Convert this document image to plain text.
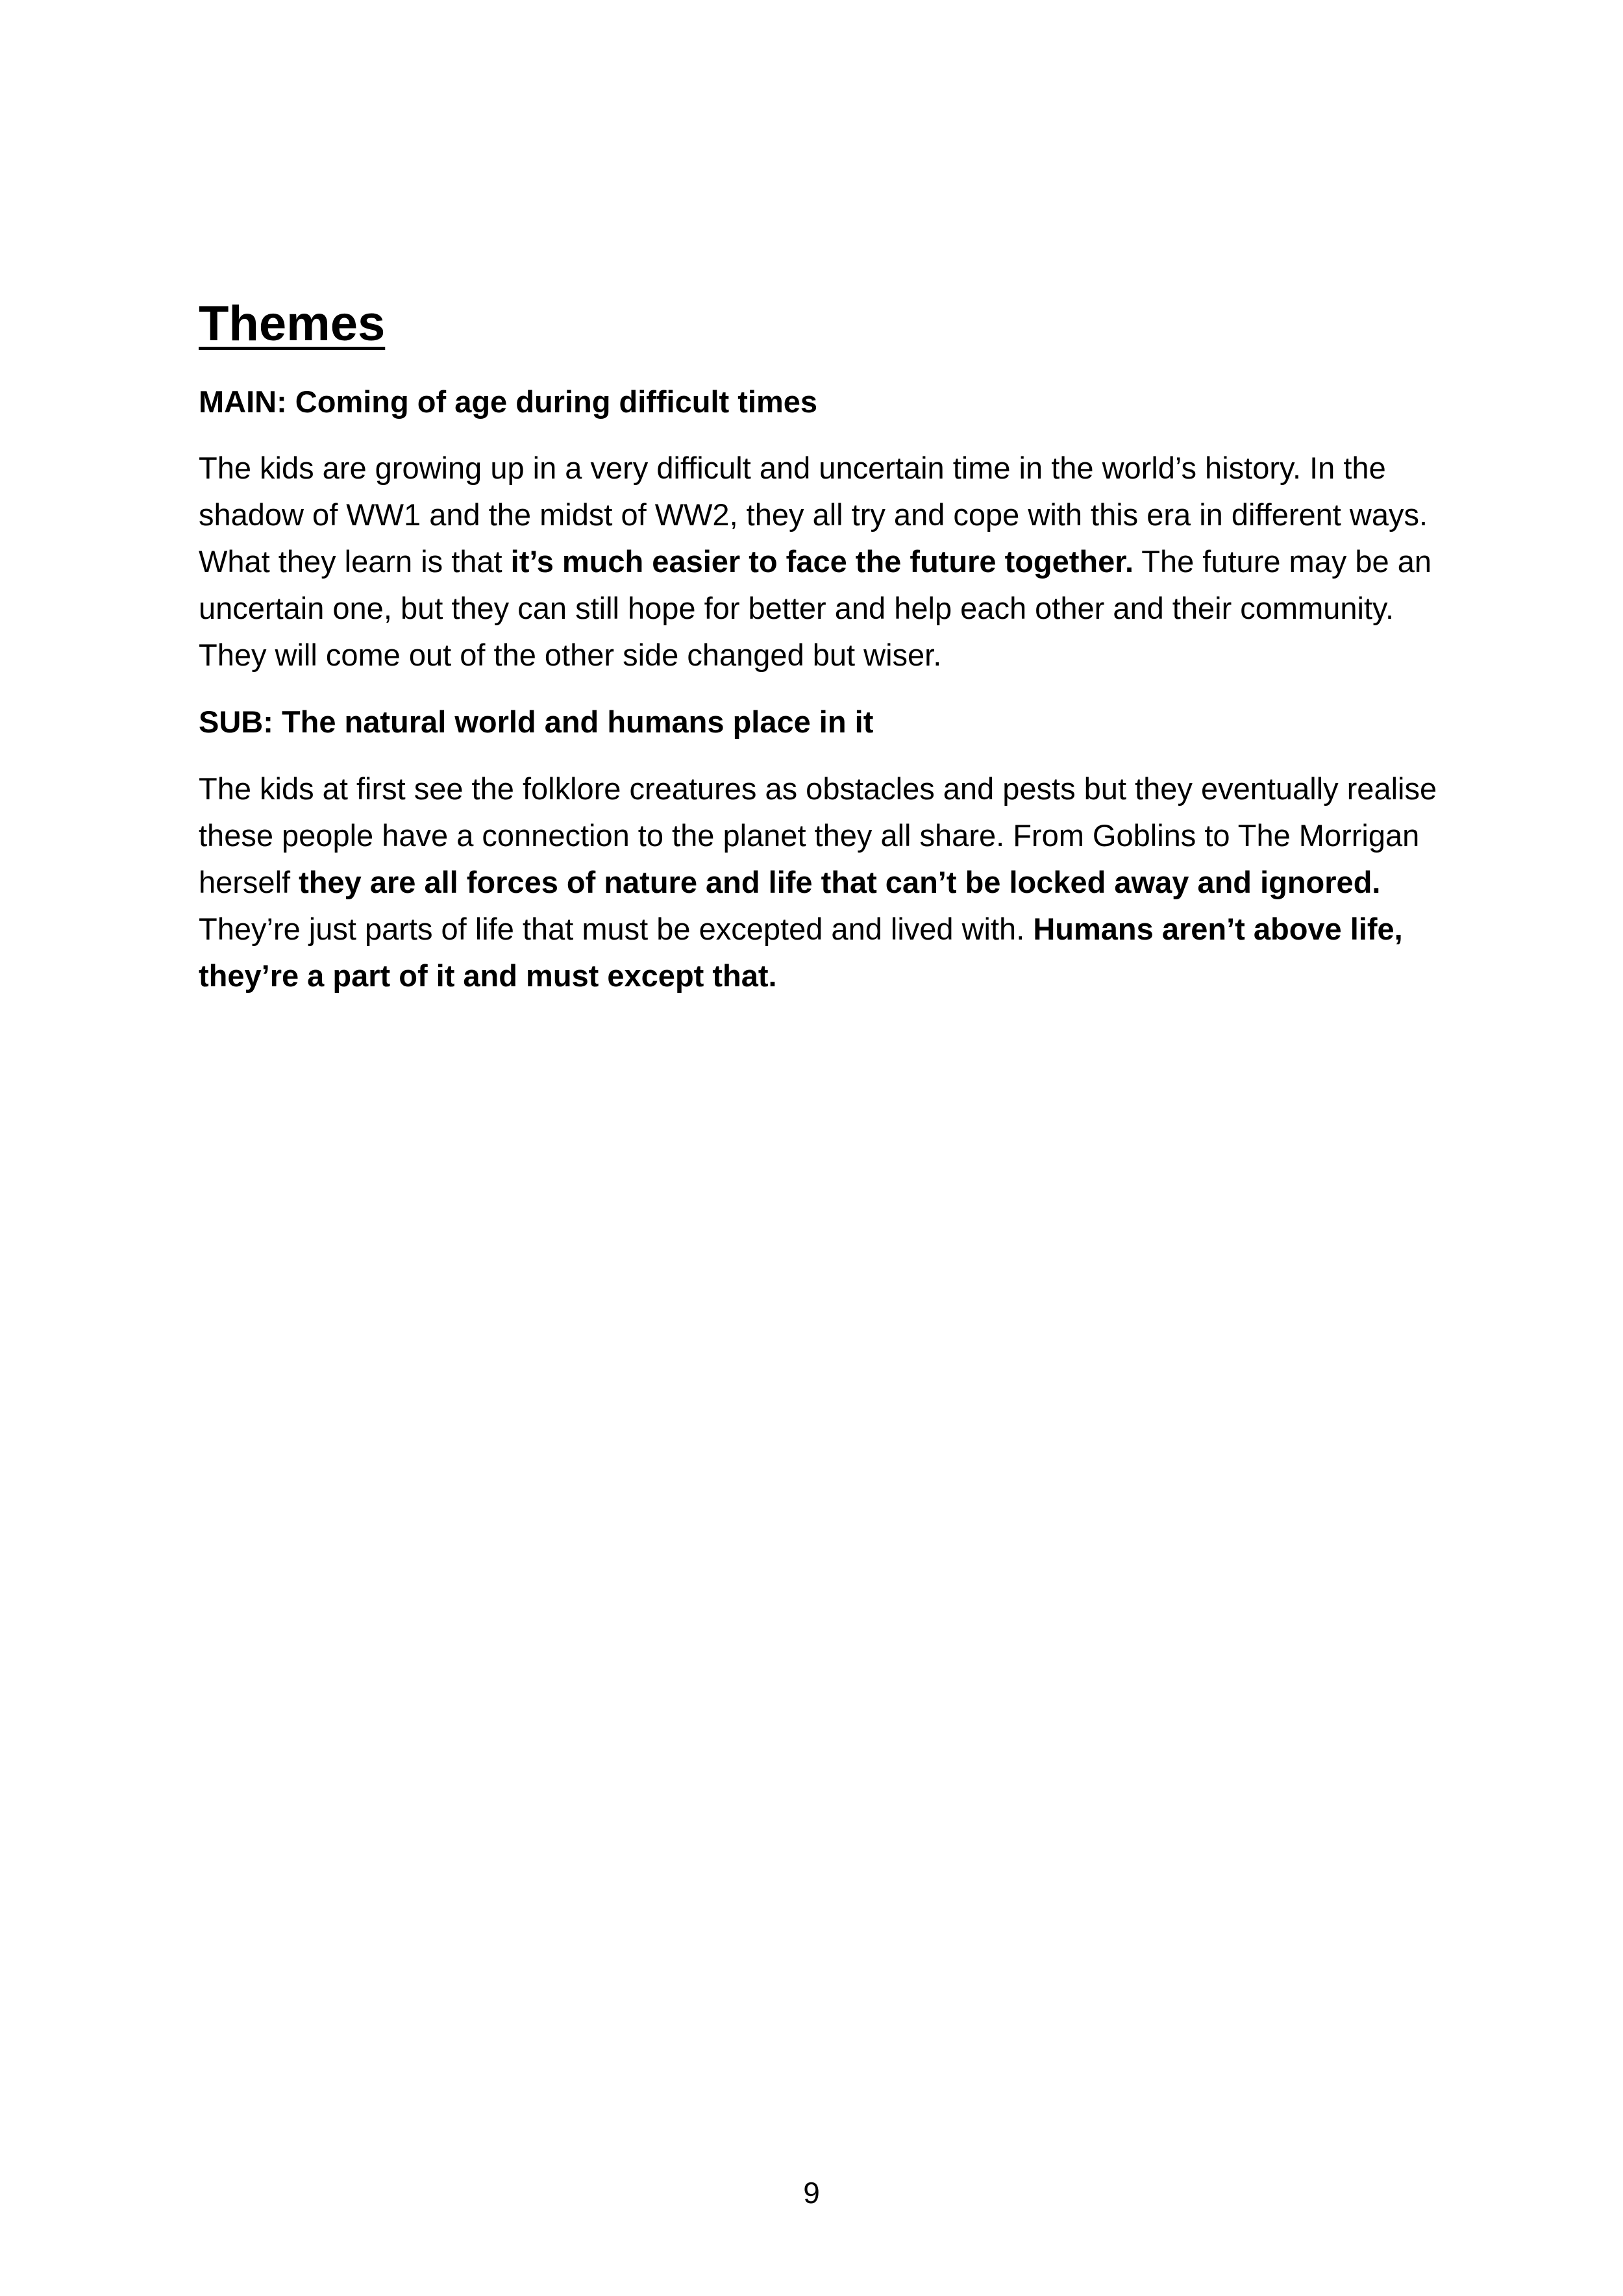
Themes
MAIN: Coming of age during difficult times

The kids are growing up in a very difficult and uncertain time in the world’s history. In the shadow of WW1 and the midst of WW2, they all try and cope with this era in different ways. What they learn is that it’s much easier to face the future together. The future may be an uncertain one, but they can still hope for better and help each other and their community. They will come out of the other side changed but wiser.

SUB: The natural world and humans place in it

The kids at first see the folklore creatures as obstacles and pests but they eventually realise these people have a connection to the planet they all share. From Goblins to The Morrigan herself they are all forces of nature and life that can’t be locked away and ignored. They’re just parts of life that must be excepted and lived with. Humans aren’t above life, they’re a part of it and must except that.

9
